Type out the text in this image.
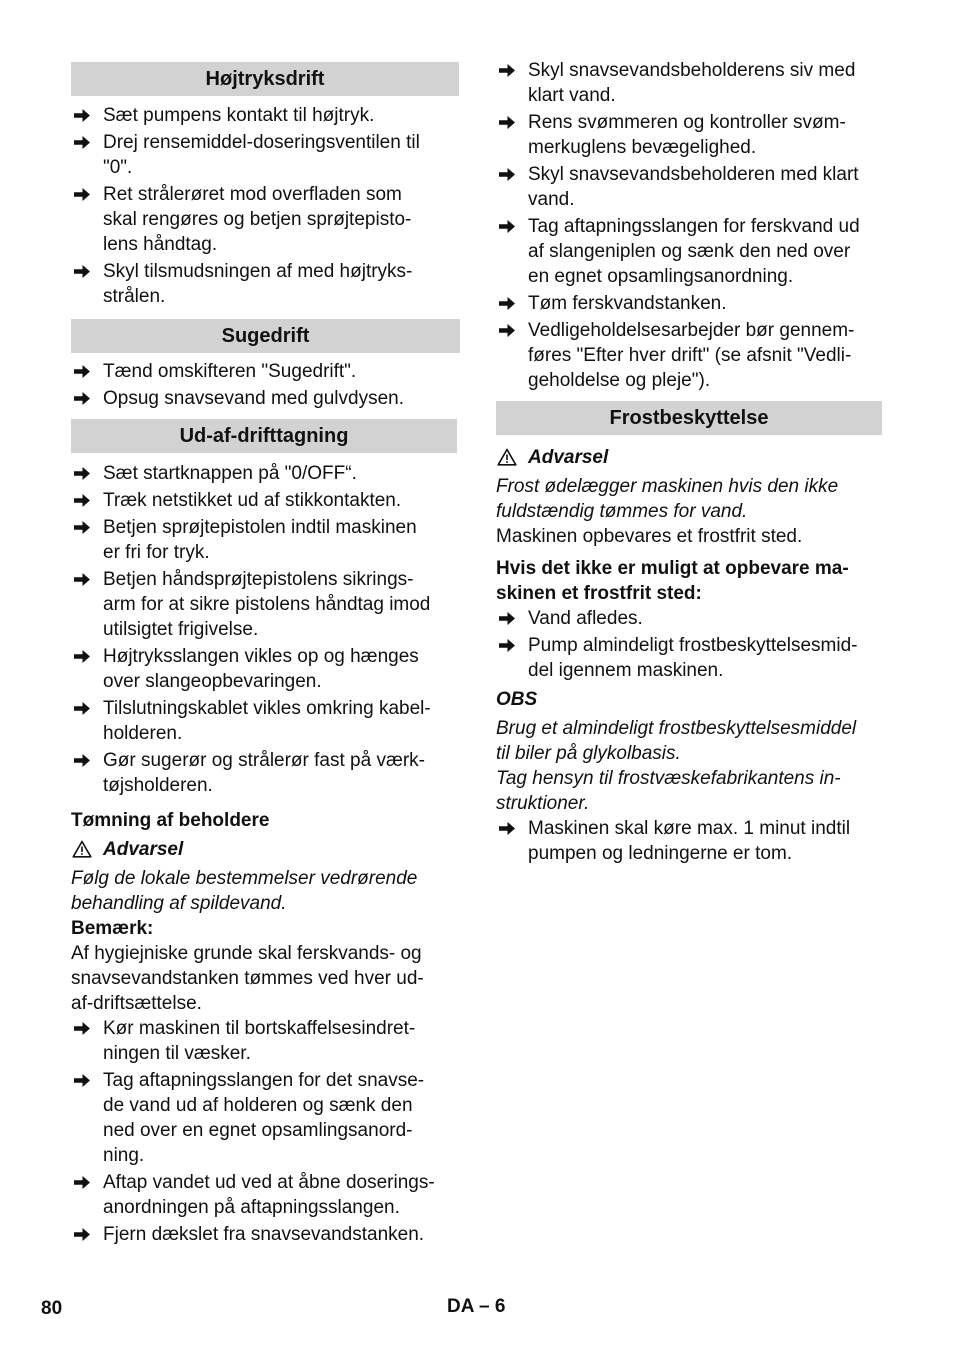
Højtryksdrift
Sæt pumpens kontakt til højtryk.
Drej rensemiddel-doseringsventilen til
"0".
Ret strålerøret mod overfladen som
skal rengøres og betjen sprøjtepisto-
lens håndtag.
Skyl tilsmudsningen af med højtryks-
strålen.
Sugedrift
Tænd omskifteren "Sugedrift".
Opsug snavsevand med gulvdysen.
Ud-af-drifttagning
Sæt startknappen på "0/OFF“.
Træk netstikket ud af stikkontakten.
Betjen sprøjtepistolen indtil maskinen
er fri for tryk.
Betjen håndsprøjtepistolens sikrings-
arm for at sikre pistolens håndtag imod
utilsigtet frigivelse.
Højtryksslangen vikles op og hænges
over slangeopbevaringen.
Tilslutningskablet vikles omkring kabel-
holderen.
Gør sugerør og strålerør fast på værk-
tøjsholderen.

Tømning af beholdere

Advarsel

Følg de lokale bestemmelser vedrørende
behandling af spildevand.

Bemærk:

Af hygiejniske grunde skal ferskvands- og
snavsevandstanken tømmes ved hver ud-
af-driftsættelse.
Kør maskinen til bortskaffelsesindret-
ningen til væsker.
Tag aftapningsslangen for det snavse-
de vand ud af holderen og sænk den
ned over en egnet opsamlingsanord-
ning.
Aftap vandet ud ved at åbne doserings-
anordningen på aftapningsslangen.
Fjern dækslet fra snavsevandstanken.
Skyl snavsevandsbeholderens siv med
klart vand.
Rens svømmeren og kontroller svøm-
merkuglens bevægelighed.
Skyl snavsevandsbeholderen med klart
vand.
Tag aftapningsslangen for ferskvand ud
af slangeniplen og sænk den ned over
en egnet opsamlingsanordning.
Tøm ferskvandstanken.
Vedligeholdelsesarbejder bør gennem-
føres "Efter hver drift" (se afsnit "Vedli-
geholdelse og pleje").
Frostbeskyttelse

Advarsel

Frost ødelægger maskinen hvis den ikke
fuldstændig tømmes for vand.

Maskinen opbevares et frostfrit sted.

Hvis det ikke er muligt at opbevare ma-
skinen et frostfrit sted:
Vand afledes.
Pump almindeligt frostbeskyttelsesmid-
del igennem maskinen.

OBS

Brug et almindeligt frostbeskyttelsesmiddel
til biler på glykolbasis.
Tag hensyn til frostvæskefabrikantens in-
struktioner.
Maskinen skal køre max. 1 minut indtil
pumpen og ledningerne er tom.
80	DA – 6
